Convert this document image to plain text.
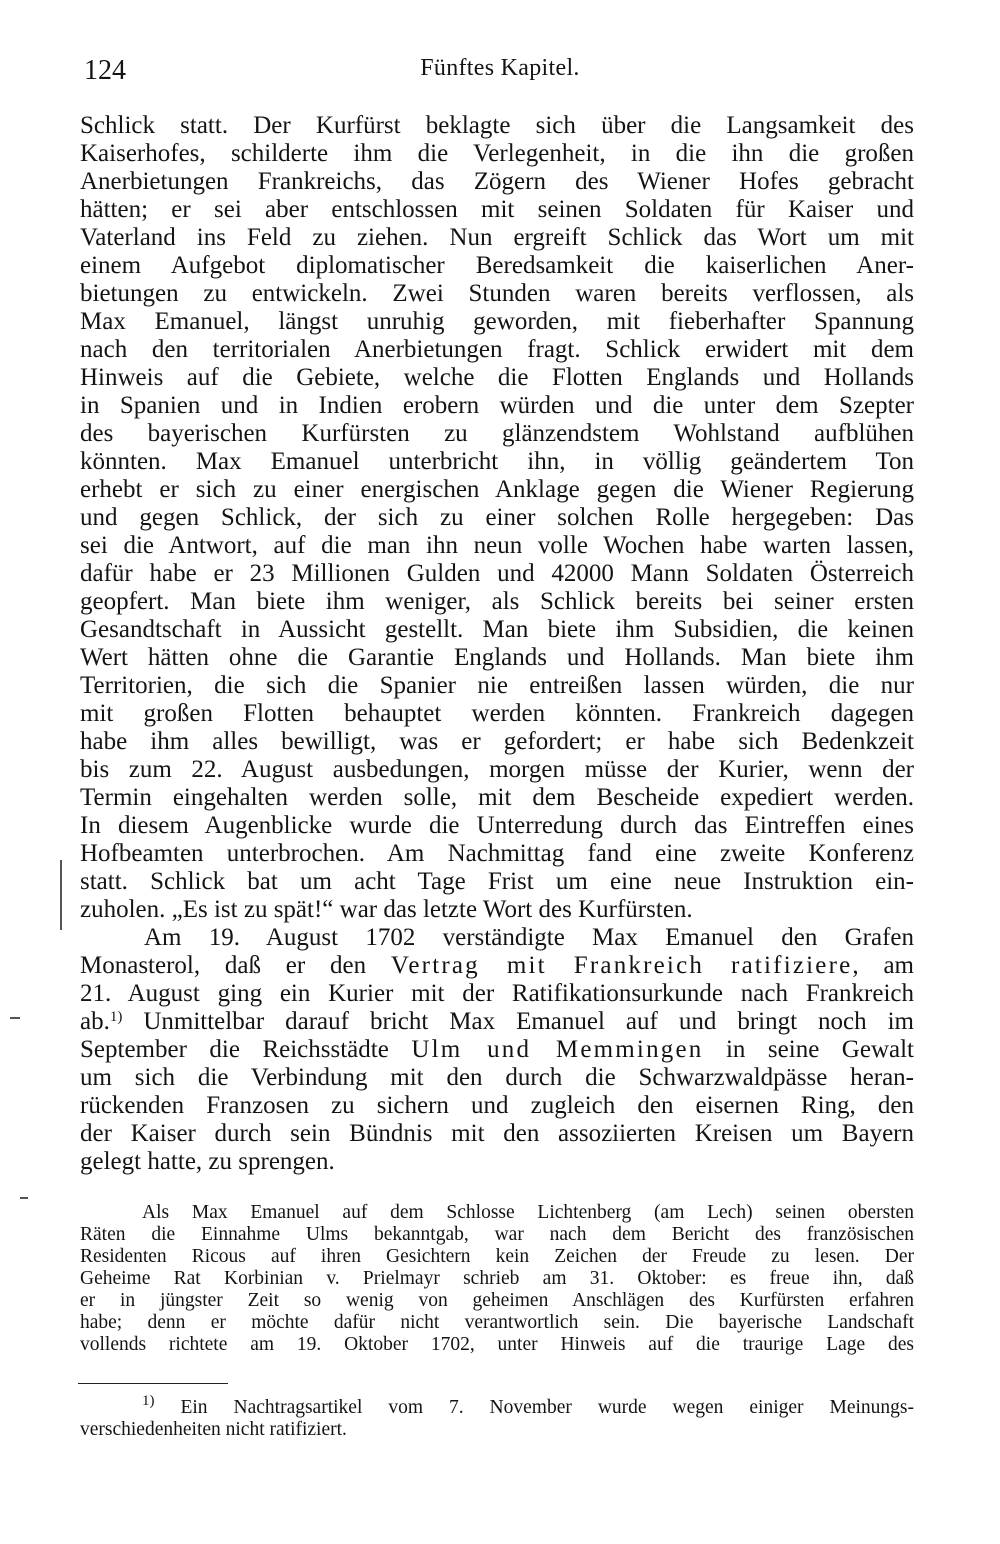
124	Fünftes Kapitel.
Schlick statt. Der Kurfürst beklagte sich über die Langsamkeit des
Kaiserhofes, schilderte ihm die Verlegenheit, in die ihn die großen
Anerbietungen Frankreichs, das Zögern des Wiener Hofes gebracht
hätten; er sei aber entschlossen mit seinen Soldaten für Kaiser und
Vaterland ins Feld zu ziehen. Nun ergreift Schlick das Wort um mit
einem Aufgebot diplomatischer Beredsamkeit die kaiserlichen Aner-
bietungen zu entwickeln. Zwei Stunden waren bereits verflossen, als
Max Emanuel, längst unruhig geworden, mit fieberhafter Spannung
nach den territorialen Anerbietungen fragt. Schlick erwidert mit dem
Hinweis auf die Gebiete, welche die Flotten Englands und Hollands
in Spanien und in Indien erobern würden und die unter dem Szepter
des bayerischen Kurfürsten zu glänzendstem Wohlstand aufblühen
könnten. Max Emanuel unterbricht ihn, in völlig geändertem Ton
erhebt er sich zu einer energischen Anklage gegen die Wiener Regierung
und gegen Schlick, der sich zu einer solchen Rolle hergegeben: Das
sei die Antwort, auf die man ihn neun volle Wochen habe warten lassen,
dafür habe er 23 Millionen Gulden und 42000 Mann Soldaten Österreich
geopfert. Man biete ihm weniger, als Schlick bereits bei seiner ersten
Gesandtschaft in Aussicht gestellt. Man biete ihm Subsidien, die keinen
Wert hätten ohne die Garantie Englands und Hollands. Man biete ihm
Territorien, die sich die Spanier nie entreißen lassen würden, die nur
mit großen Flotten behauptet werden könnten. Frankreich dagegen
habe ihm alles bewilligt, was er gefordert; er habe sich Bedenkzeit
bis zum 22. August ausbedungen, morgen müsse der Kurier, wenn der
Termin eingehalten werden solle, mit dem Bescheide expediert werden.
In diesem Augenblicke wurde die Unterredung durch das Eintreffen eines
Hofbeamten unterbrochen. Am Nachmittag fand eine zweite Konferenz
statt. Schlick bat um acht Tage Frist um eine neue Instruktion ein-
zuholen. „Es ist zu spät!“ war das letzte Wort des Kurfürsten.
Am 19. August 1702 verständigte Max Emanuel den Grafen
Monasterol, daß er den Vertrag mit Frankreich ratifiziere, am
21. August ging ein Kurier mit der Ratifikationsurkunde nach Frankreich
ab.$^{1)}$ Unmittelbar darauf bricht Max Emanuel auf und bringt noch im
September die Reichsstädte Ulm und Memmingen in seine Gewalt
um sich die Verbindung mit den durch die Schwarzwaldpässe heran-
rückenden Franzosen zu sichern und zugleich den eisernen Ring, den
der Kaiser durch sein Bündnis mit den assoziierten Kreisen um Bayern
gelegt hatte, zu sprengen.
Als Max Emanuel auf dem Schlosse Lichtenberg (am Lech) seinen obersten
Räten die Einnahme Ulms bekanntgab, war nach dem Bericht des französischen
Residenten Ricous auf ihren Gesichtern kein Zeichen der Freude zu lesen. Der
Geheime Rat Korbinian v. Prielmayr schrieb am 31. Oktober: es freue ihn, daß
er in jüngster Zeit so wenig von geheimen Anschlägen des Kurfürsten erfahren
habe; denn er möchte dafür nicht verantwortlich sein. Die bayerische Landschaft
vollends richtete am 19. Oktober 1702, unter Hinweis auf die traurige Lage des
$^{1)}$ Ein Nachtragsartikel vom 7. November wurde wegen einiger Meinungs-
verschiedenheiten nicht ratifiziert.
